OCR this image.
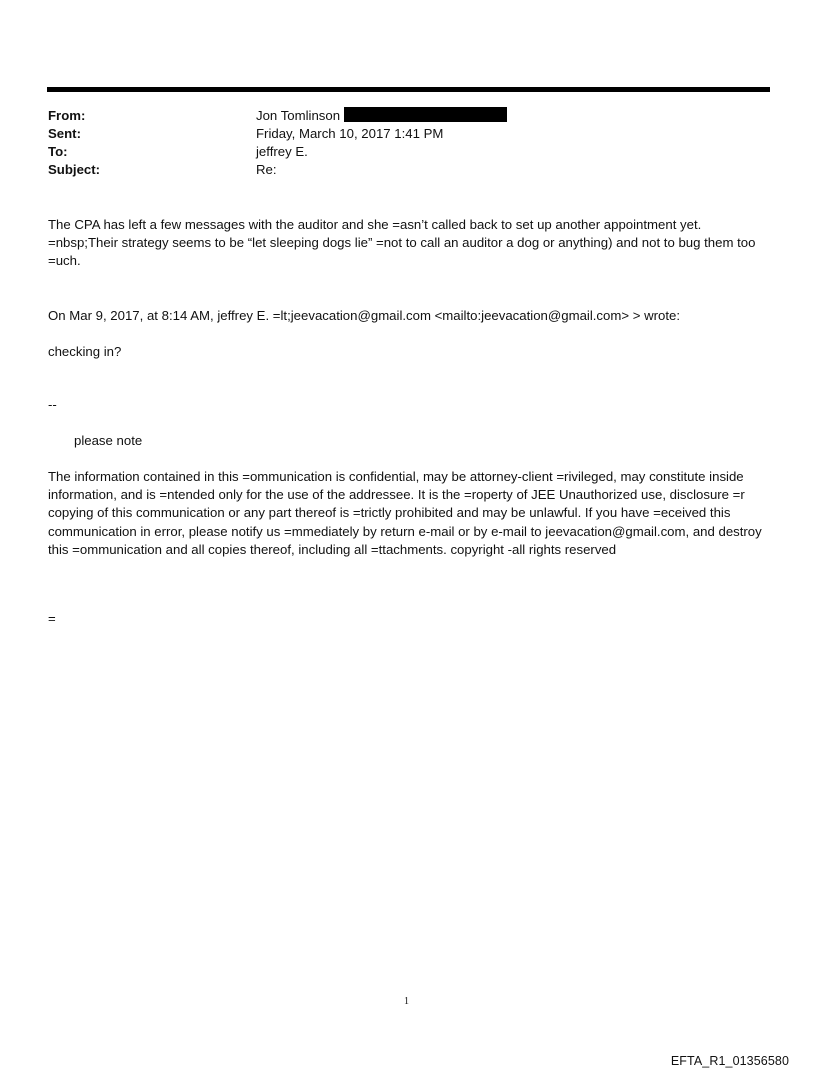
From:	Jon Tomlinson
Sent:	Friday, March 10, 2017 1:41 PM
To:	jeffrey E.
Subject:	Re:

The CPA has left a few messages with the auditor and she =asn’t called back to set up another appointment yet. =nbsp;Their strategy seems to be “let sleeping dogs lie” =not to call an auditor a dog or anything) and not to bug them too =uch.

On Mar 9, 2017, at 8:14 AM, jeffrey E. =lt;jeevacation@gmail.com <mailto:jeevacation@gmail.com> > wrote:

checking in?

--

please note

The information contained in this =ommunication is confidential, may be attorney-client =rivileged, may constitute inside information, and is =ntended only for the use of the addressee. It is the =roperty of JEE Unauthorized use, disclosure =r copying of this communication or any part thereof is =trictly prohibited and may be unlawful. If you have =eceived this communication in error, please notify us =mmediately by return e-mail or by e-mail to jeevacation@gmail.com, and destroy this =ommunication and all copies thereof, including all =ttachments. copyright -all rights reserved

=

1
EFTA_R1_01356580
